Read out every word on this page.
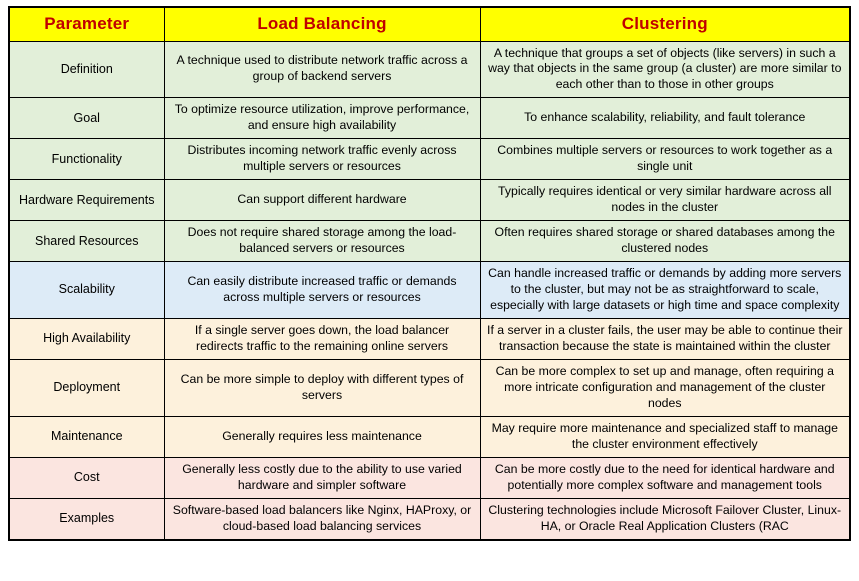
Parameter	Load Balancing	Clustering
Definition	A technique used to distribute network traffic across a group of backend servers	A technique that groups a set of objects (like servers) in such a way that objects in the same group (a cluster) are more similar to each other than to those in other groups
Goal	To optimize resource utilization, improve performance, and ensure high availability	To enhance scalability, reliability, and fault tolerance
Functionality	Distributes incoming network traffic evenly across multiple servers or resources	Combines multiple servers or resources to work together as a single unit
Hardware Requirements	Can support different hardware	Typically requires identical or very similar hardware across all nodes in the cluster
Shared Resources	Does not require shared storage among the load-balanced servers or resources	Often requires shared storage or shared databases among the clustered nodes
Scalability	Can easily distribute increased traffic or demands across multiple servers or resources	Can handle increased traffic or demands by adding more servers to the cluster, but may not be as straightforward to scale, especially with large datasets or high time and space complexity
High Availability	If a single server goes down, the load balancer redirects traffic to the remaining online servers	If a server in a cluster fails, the user may be able to continue their transaction because the state is maintained within the cluster
Deployment	Can be more simple to deploy with different types of servers	Can be more complex to set up and manage, often requiring a more intricate configuration and management of the cluster nodes
Maintenance	Generally requires less maintenance	May require more maintenance and specialized staff to manage the cluster environment effectively
Cost	Generally less costly due to the ability to use varied hardware and simpler software	Can be more costly due to the need for identical hardware and potentially more complex software and management tools
Examples	Software-based load balancers like Nginx, HAProxy, or cloud-based load balancing services	Clustering technologies include Microsoft Failover Cluster, Linux-HA, or Oracle Real Application Clusters (RAC
